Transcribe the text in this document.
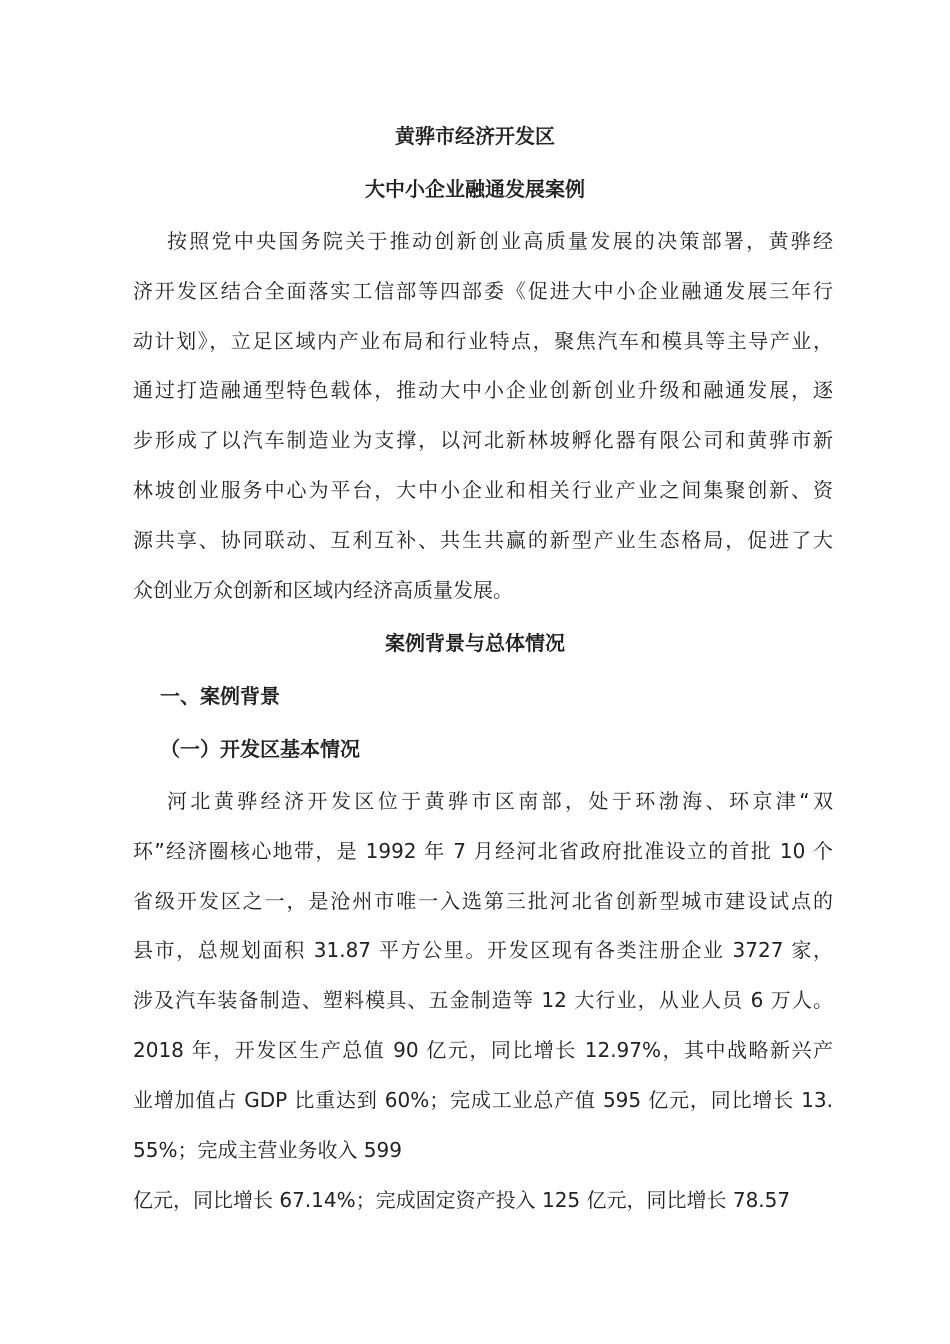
黄骅市经济开发区
大中小企业融通发展案例
按照党中央国务院关于推动创新创业高质量发展的决策部署，黄骅经
济开发区结合全面落实工信部等四部委《促进大中小企业融通发展三年行
动计划》，立足区域内产业布局和行业特点，聚焦汽车和模具等主导产业，
通过打造融通型特色载体，推动大中小企业创新创业升级和融通发展，逐
步形成了以汽车制造业为支撑，以河北新林坡孵化器有限公司和黄骅市新
林坡创业服务中心为平台，大中小企业和相关行业产业之间集聚创新、资
源共享、协同联动、互利互补、共生共赢的新型产业生态格局，促进了大
众创业万众创新和区域内经济高质量发展。
案例背景与总体情况
一、案例背景
（一）开发区基本情况
河北黄骅经济开发区位于黄骅市区南部，处于环渤海、环京津“双
环”经济圈核心地带，是 1992 年 7 月经河北省政府批准设立的首批 10 个
省级开发区之一，是沧州市唯一入选第三批河北省创新型城市建设试点的
县市，总规划面积 31.87 平方公里。开发区现有各类注册企业 3727 家，
涉及汽车装备制造、塑料模具、五金制造等 12 大行业，从业人员 6 万人。
2018 年，开发区生产总值 90 亿元，同比增长 12.97%，其中战略新兴产
业增加值占 GDP 比重达到 60%；完成工业总产值 595 亿元，同比增长 13.
55%；完成主营业务收入 599
亿元，同比增长 67.14%；完成固定资产投入 125 亿元，同比增长 78.57
